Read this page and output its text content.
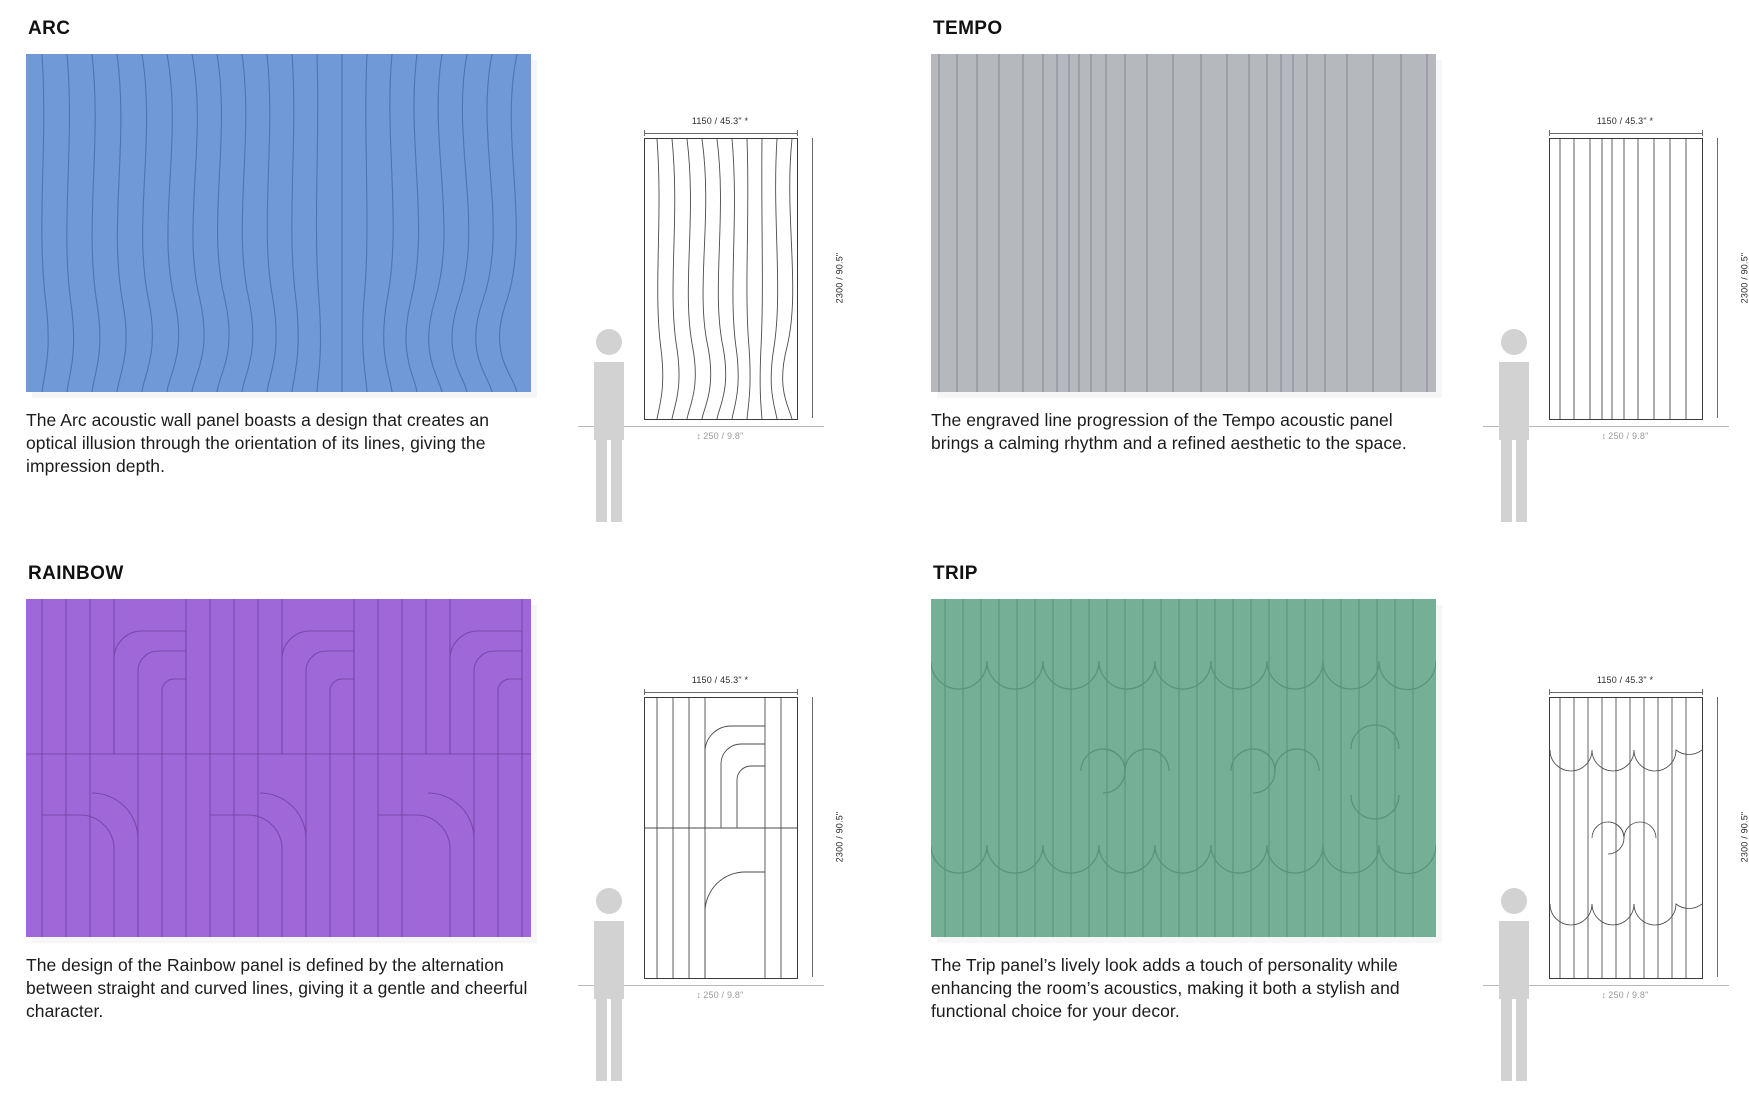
ARC
The Arc acoustic wall panel boasts a design that creates an optical illusion through the orientation of its lines, giving the impression depth.
1150 / 45.3" *
2300 / 90.5"
↕ 250 / 9.8"
TEMPO
The engraved line progression of the Tempo acoustic panel brings a calming rhythm and a refined aesthetic to the space.
1150 / 45.3" *
2300 / 90.5"
↕ 250 / 9.8"
RAINBOW
The design of the Rainbow panel is defined by the alternation between straight and curved lines, giving it a gentle and cheerful character.
1150 / 45.3" *
2300 / 90.5"
↕ 250 / 9.8"
TRIP
The Trip panel’s lively look adds a touch of personality while enhancing the room’s acoustics, making it both a stylish and functional choice for your decor.
1150 / 45.3" *
2300 / 90.5"
↕ 250 / 9.8"
